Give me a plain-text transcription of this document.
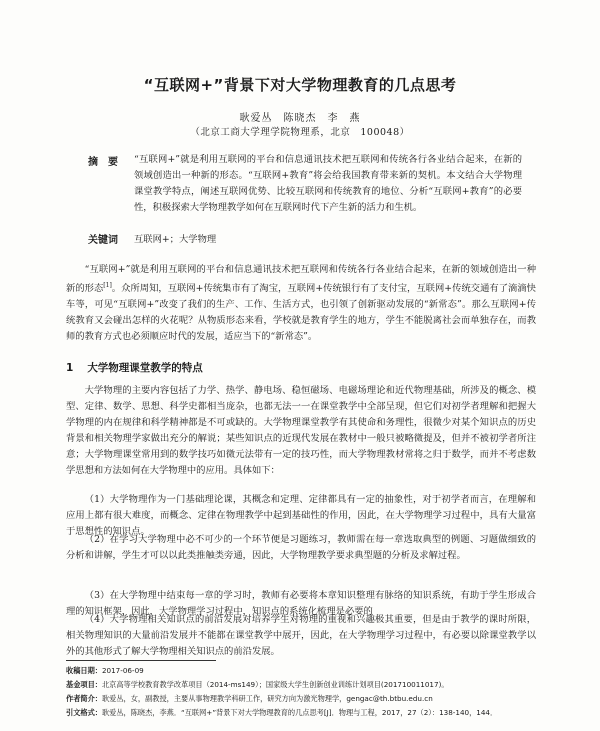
“互联网+”背景下对大学物理教育的几点思考
耿爱丛　陈晓杰　李　燕
（北京工商大学理学院物理系，北京　100048）
摘　要 “互联网+”就是利用互联网的平台和信息通讯技术把互联网和传统各行各业结合起来，在新的领域创造出一种新的形态。“互联网+教育”将会给我国教育带来新的契机。本文结合大学物理课堂教学特点，阐述互联网优势、比较互联网和传统教育的地位、分析“互联网+教育”的必要性，积极探索大学物理教学如何在互联网时代下产生新的活力和生机。
关键词 互联网+；大学物理

“互联网+”就是利用互联网的平台和信息通讯技术把互联网和传统各行各业结合起来，在新的领域创造出一种新的形态[1]。众所周知，互联网+传统集市有了淘宝，互联网+传统银行有了支付宝，互联网+传统交通有了滴滴快车等，可见“互联网+”改变了我们的生产、工作、生活方式，也引领了创新驱动发展的“新常态”。那么互联网+传统教育又会碰出怎样的火花呢？从物质形态来看，学校就是教育学生的地方，学生不能脱离社会而单独存在，而教师的教育方式也必须顺应时代的发展，适应当下的“新常态”。

1 大学物理课堂教学的特点

大学物理的主要内容包括了力学、热学、静电场、稳恒磁场、电磁场理论和近代物理基础，所涉及的概念、模型、定律、数学、思想、科学史都相当庞杂，也都无法一一在课堂教学中全部呈现，但它们对初学者理解和把握大学物理的内在规律和科学精神都是不可或缺的。大学物理课堂教学有其使命和务理性，很微少对某个知识点的历史背景和相关物理学家做出充分的解说；某些知识点的近现代发展在教材中一般只被略微提及，但并不被初学者所注意；大学物理课堂常用到的数学技巧如微元法带有一定的技巧性，而大学物理教材常将之归于数学，而并不考虑数学思想和方法如何在大学物理中的应用。具体如下：

（1）大学物理作为一门基础理论课，其概念和定理、定律都具有一定的抽象性，对于初学者而言，在理解和应用上都有很大难度，而概念、定律在物理教学中起到基础性的作用，因此，在大学物理学习过程中，具有大量富于思想性的知识点。

（2）在学习大学物理中必不可少的一个环节便是习题练习，教师需在每一章选取典型的例题、习题做细致的分析和讲解，学生才可以以此类推触类旁通，因此，大学物理教学要求典型题的分析及求解过程。

（3）在大学物理中结束每一章的学习时，教师有必要将本章知识整理有脉络的知识系统，有助于学生形成合理的知识框架，因此，大学物理学习过程中，知识点的系统化梳理是必要的

（4）大学物理相关知识点的前沿发展对培养学生对物理的重视和兴趣极其重要，但是由于教学的课时所限，相关物理知识的大量前沿发展并不能都在课堂教学中展开，因此，在大学物理学习过程中，有必要以除课堂教学以外的其他形式了解大学物理相关知识点的前沿发展。

收稿日期：2017-06-09
基金项目：北京高等学校教育教学改革项目（2014-ms149）；国家级大学生创新创业训练计划项目(201710011017)。
作者简介：耿爱丛，女，副教授，主要从事物理教学科研工作，研究方向为激光物理学，gengac@th.btbu.edu.cn
引文格式：耿爱丛，陈晓杰，李燕．“互联网+”背景下对大学物理教育的几点思考[J]．物理与工程，2017，27（2）：138-140，144．
